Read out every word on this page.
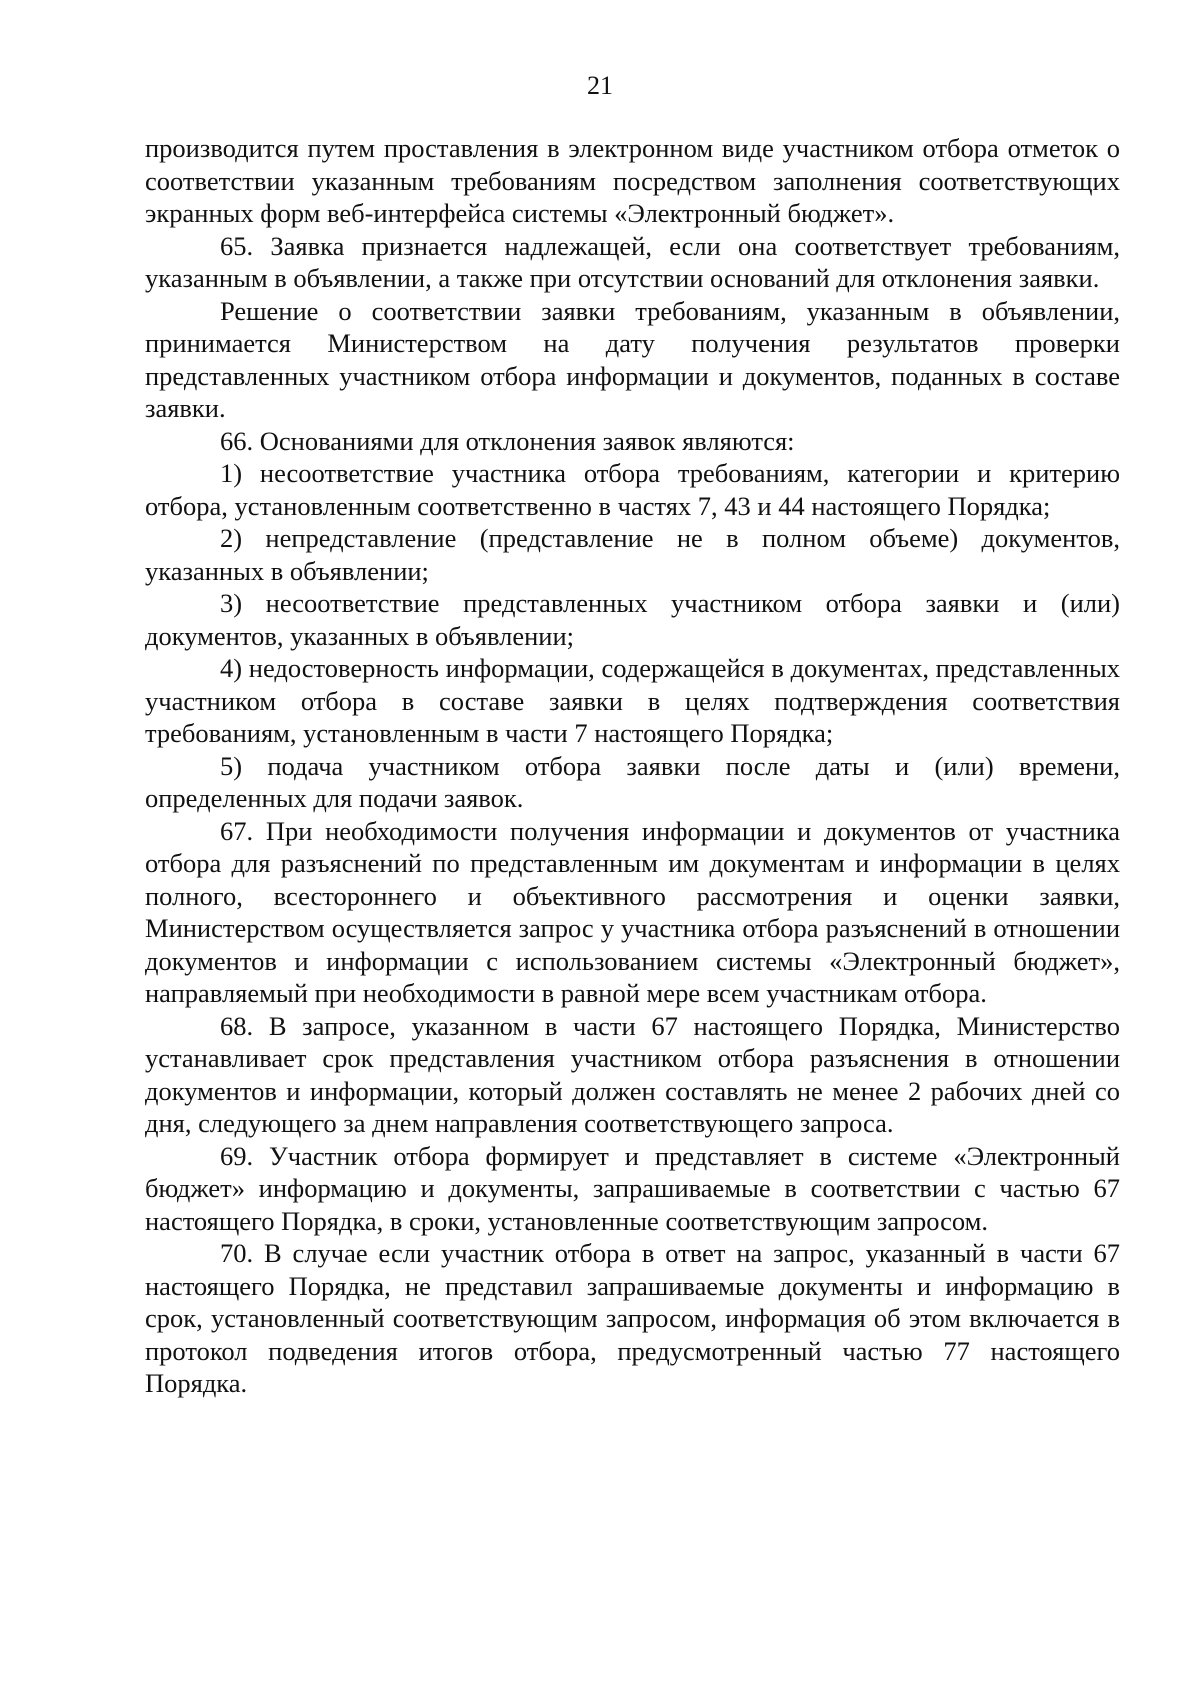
21

производится путем проставления в электронном виде участником отбора отметок о соответствии указанным требованиям посредством заполнения соответствующих экранных форм веб-интерфейса системы «Электронный бюджет».

65. Заявка признается надлежащей, если она соответствует требованиям, указанным в объявлении, а также при отсутствии оснований для отклонения заявки.

Решение о соответствии заявки требованиям, указанным в объявлении, принимается Министерством на дату получения результатов проверки представленных участником отбора информации и документов, поданных в составе заявки.

66. Основаниями для отклонения заявок являются:

1) несоответствие участника отбора требованиям, категории и критерию отбора, установленным соответственно в частях 7, 43 и 44 настоящего Порядка;

2) непредставление (представление не в полном объеме) документов, указанных в объявлении;

3) несоответствие представленных участником отбора заявки и (или) документов, указанных в объявлении;

4) недостоверность информации, содержащейся в документах, представленных участником отбора в составе заявки в целях подтверждения соответствия требованиям, установленным в части 7 настоящего Порядка;

5) подача участником отбора заявки после даты и (или) времени, определенных для подачи заявок.

67. При необходимости получения информации и документов от участника отбора для разъяснений по представленным им документам и информации в целях полного, всестороннего и объективного рассмотрения и оценки заявки, Министерством осуществляется запрос у участника отбора разъяснений в отношении документов и информации с использованием системы «Электронный бюджет», направляемый при необходимости в равной мере всем участникам отбора.

68. В запросе, указанном в части 67 настоящего Порядка, Министерство устанавливает срок представления участником отбора разъяснения в отношении документов и информации, который должен составлять не менее 2 рабочих дней со дня, следующего за днем направления соответствующего запроса.

69. Участник отбора формирует и представляет в системе «Электронный бюджет» информацию и документы, запрашиваемые в соответствии с частью 67 настоящего Порядка, в сроки, установленные соответствующим запросом.

70. В случае если участник отбора в ответ на запрос, указанный в части 67 настоящего Порядка, не представил запрашиваемые документы и информацию в срок, установленный соответствующим запросом, информация об этом включается в протокол подведения итогов отбора, предусмотренный частью 77 настоящего Порядка.
